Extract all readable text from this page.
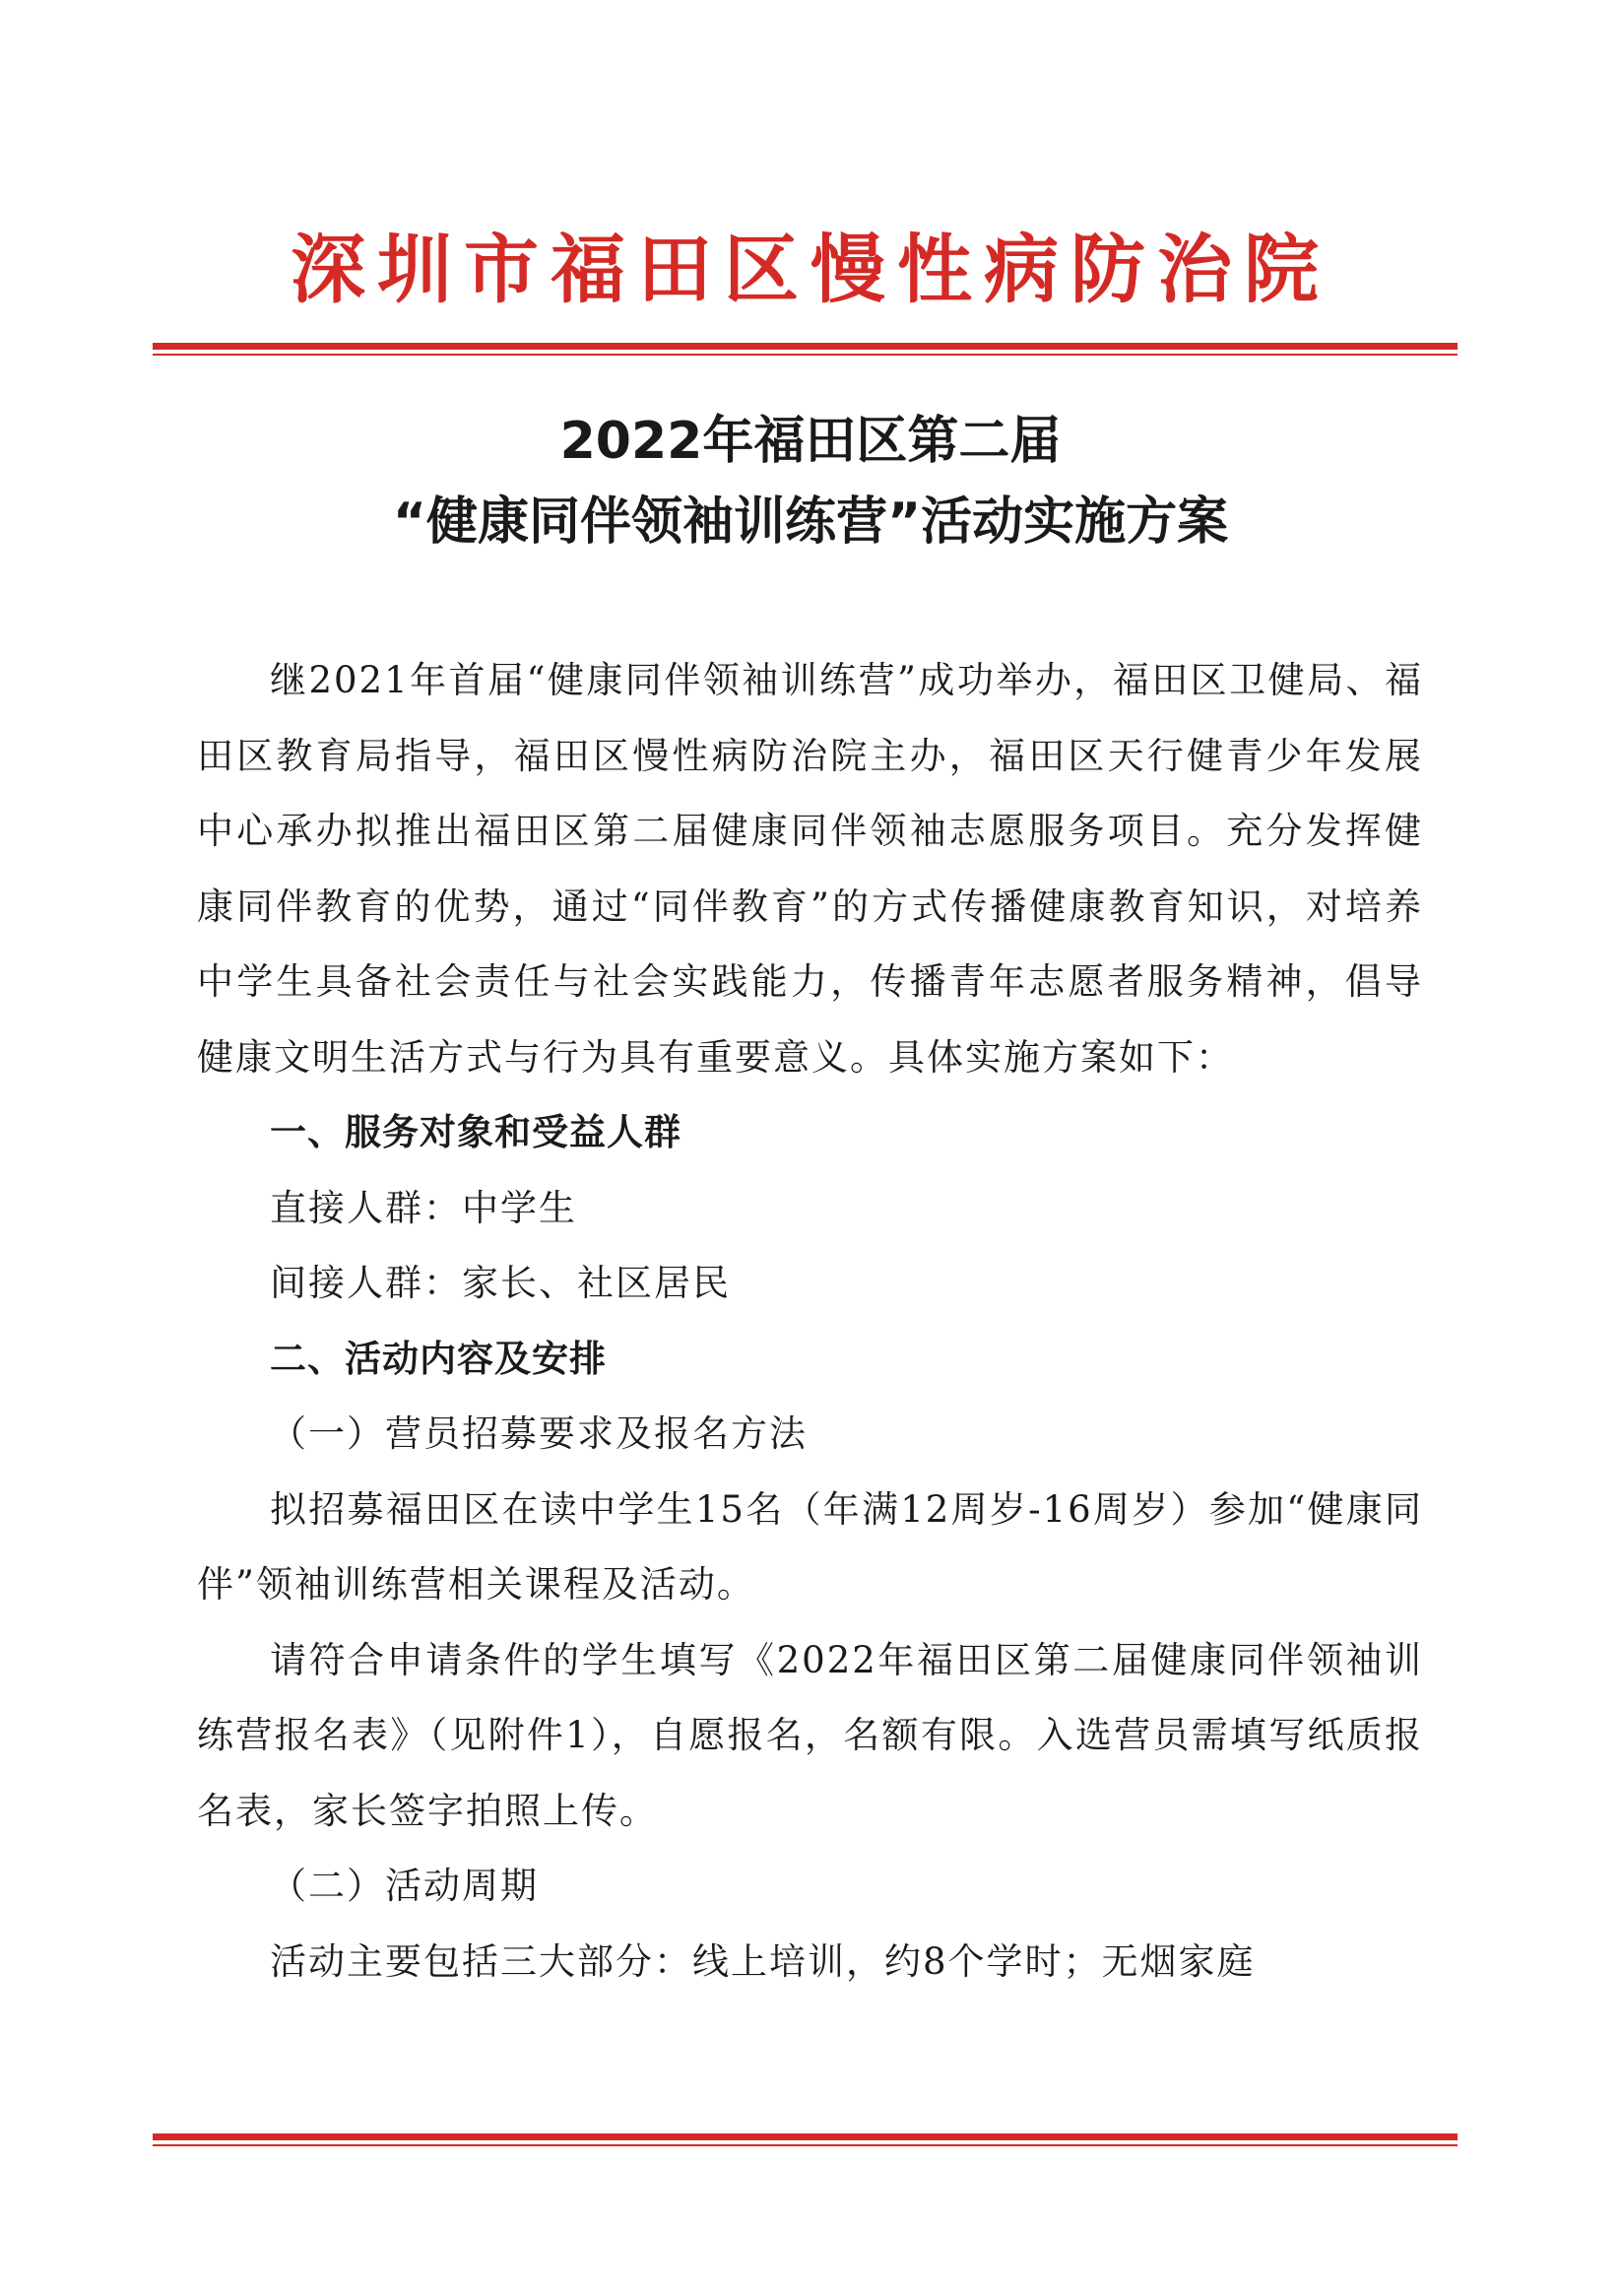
深圳市福田区慢性病防治院
2022年福田区第二届
“健康同伴领袖训练营”活动实施方案

继2021年首届“健康同伴领袖训练营”成功举办，福田区卫健局、福田区教育局指导，福田区慢性病防治院主办，福田区天行健青少年发展中心承办拟推出福田区第二届健康同伴领袖志愿服务项目。充分发挥健康同伴教育的优势，通过“同伴教育”的方式传播健康教育知识，对培养中学生具备社会责任与社会实践能力，传播青年志愿者服务精神，倡导健康文明生活方式与行为具有重要意义。具体实施方案如下：

一、服务对象和受益人群

直接人群：中学生

间接人群：家长、社区居民

二、活动内容及安排

（一）营员招募要求及报名方法

拟招募福田区在读中学生15名（年满12周岁-16周岁）参加“健康同伴”领袖训练营相关课程及活动。

请符合申请条件的学生填写《2022年福田区第二届健康同伴领袖训练营报名表》（见附件1），自愿报名，名额有限。入选营员需填写纸质报名表，家长签字拍照上传。

（二）活动周期

活动主要包括三大部分：线上培训，约8个学时；无烟家庭
